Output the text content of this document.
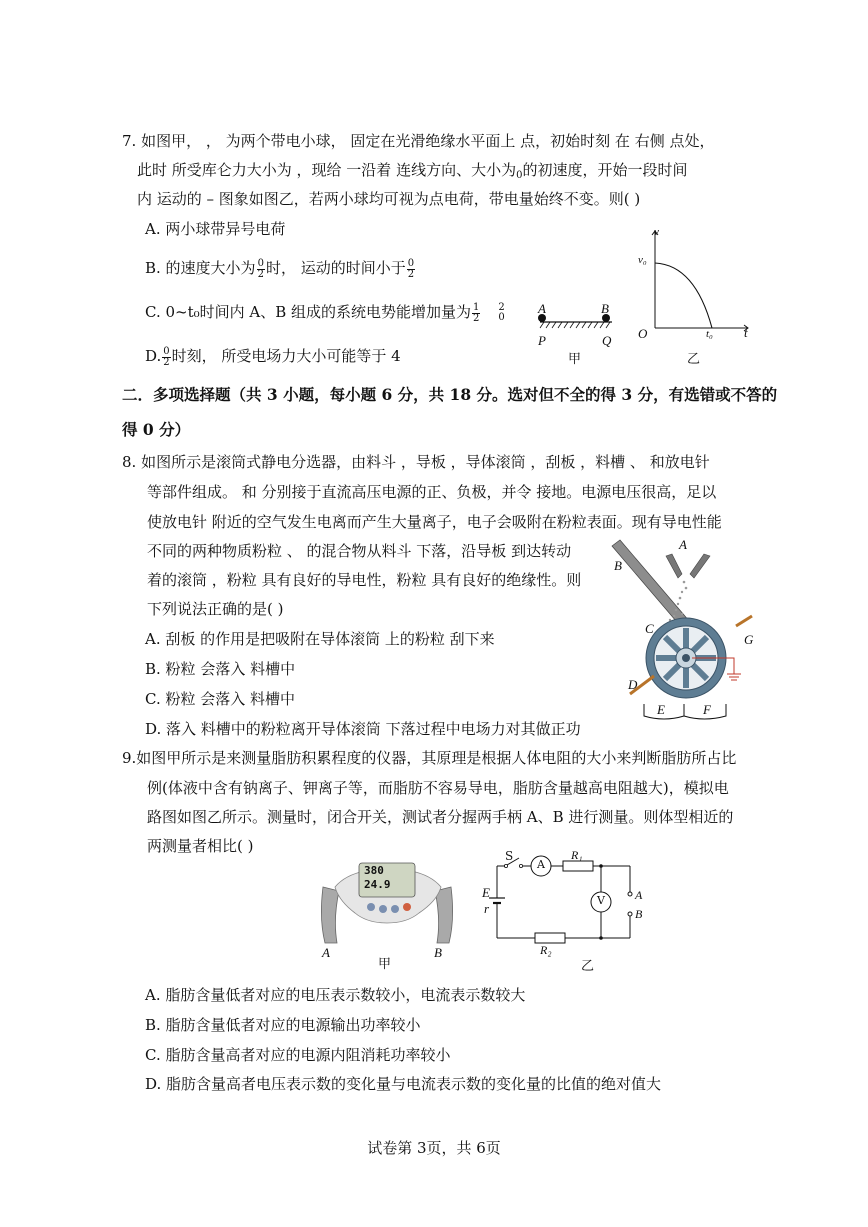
7. 如图甲， ， 为两个带电小球， 固定在光滑绝缘水平面上 点，初始时刻 在 右侧 点处，
此时 所受库仑力大小为 ，现给 一沿着 连线方向、大小为$_0$的初速度，开始一段时间
内 运动的 – 图象如图乙，若两小球均可视为点电荷，带电量始终不变。则( )
A. 两小球带异号电荷
B. 的速度大小为 $\frac{0}{2}$ 时， 运动的时间小于 $\frac{0}{2}$
C. 0~t₀时间内 A、B 组成的系统电势能增加量为 $\frac{1}{2} 2$
0
D. $\frac{0}{2}$ 时刻， 所受电场力大小可能等于 4
A	B
P	Q
甲
v
v₀
O	t₀ t
乙
二．多项选择题（共 3 小题，每小题 6 分，共 18 分。选对但不全的得 3 分，有选错或不答的
得 0 分）
8. 如图所示是滚筒式静电分选器，由料斗 ，导板 ，导体滚筒 ，刮板 ，料槽 、 和放电针
等部件组成。 和 分别接于直流高压电源的正、负极，并令 接地。电源电压很高，足以
使放电针 附近的空气发生电离而产生大量离子，电子会吸附在粉粒表面。现有导电性能
不同的两种物质粉粒 、 的混合物从料斗 下落，沿导板 到达转动
着的滚筒 ，粉粒 具有良好的导电性，粉粒 具有良好的绝缘性。则
下列说法正确的是( )
A. 刮板 的作用是把吸附在导体滚筒 上的粉粒 刮下来
B. 粉粒 会落入 料槽中
C. 粉粒 会落入 料槽中
D. 落入 料槽中的粉粒离开导体滚筒 下落过程中电场力对其做正功
A
B
C
D
E	F
G
9.如图甲所示是来测量脂肪积累程度的仪器，其原理是根据人体电阻的大小来判断脂肪所占比
例(体液中含有钠离子、钾离子等，而脂肪不容易导电，脂肪含量越高电阻越大)，模拟电
路图如图乙所示。测量时，闭合开关，测试者分握两手柄 A、B 进行测量。则体型相近的
两测量者相比( )
380
24.9
A
甲
B
S
A
R₁
V
E
r
A
B
R₂
乙
A. 脂肪含量低者对应的电压表示数较小，电流表示数较大
B. 脂肪含量低者对应的电源输出功率较小
C. 脂肪含量高者对应的电源内阻消耗功率较小
D. 脂肪含量高者电压表示数的变化量与电流表示数的变化量的比值的绝对值大
试卷第 3页，共 6页
